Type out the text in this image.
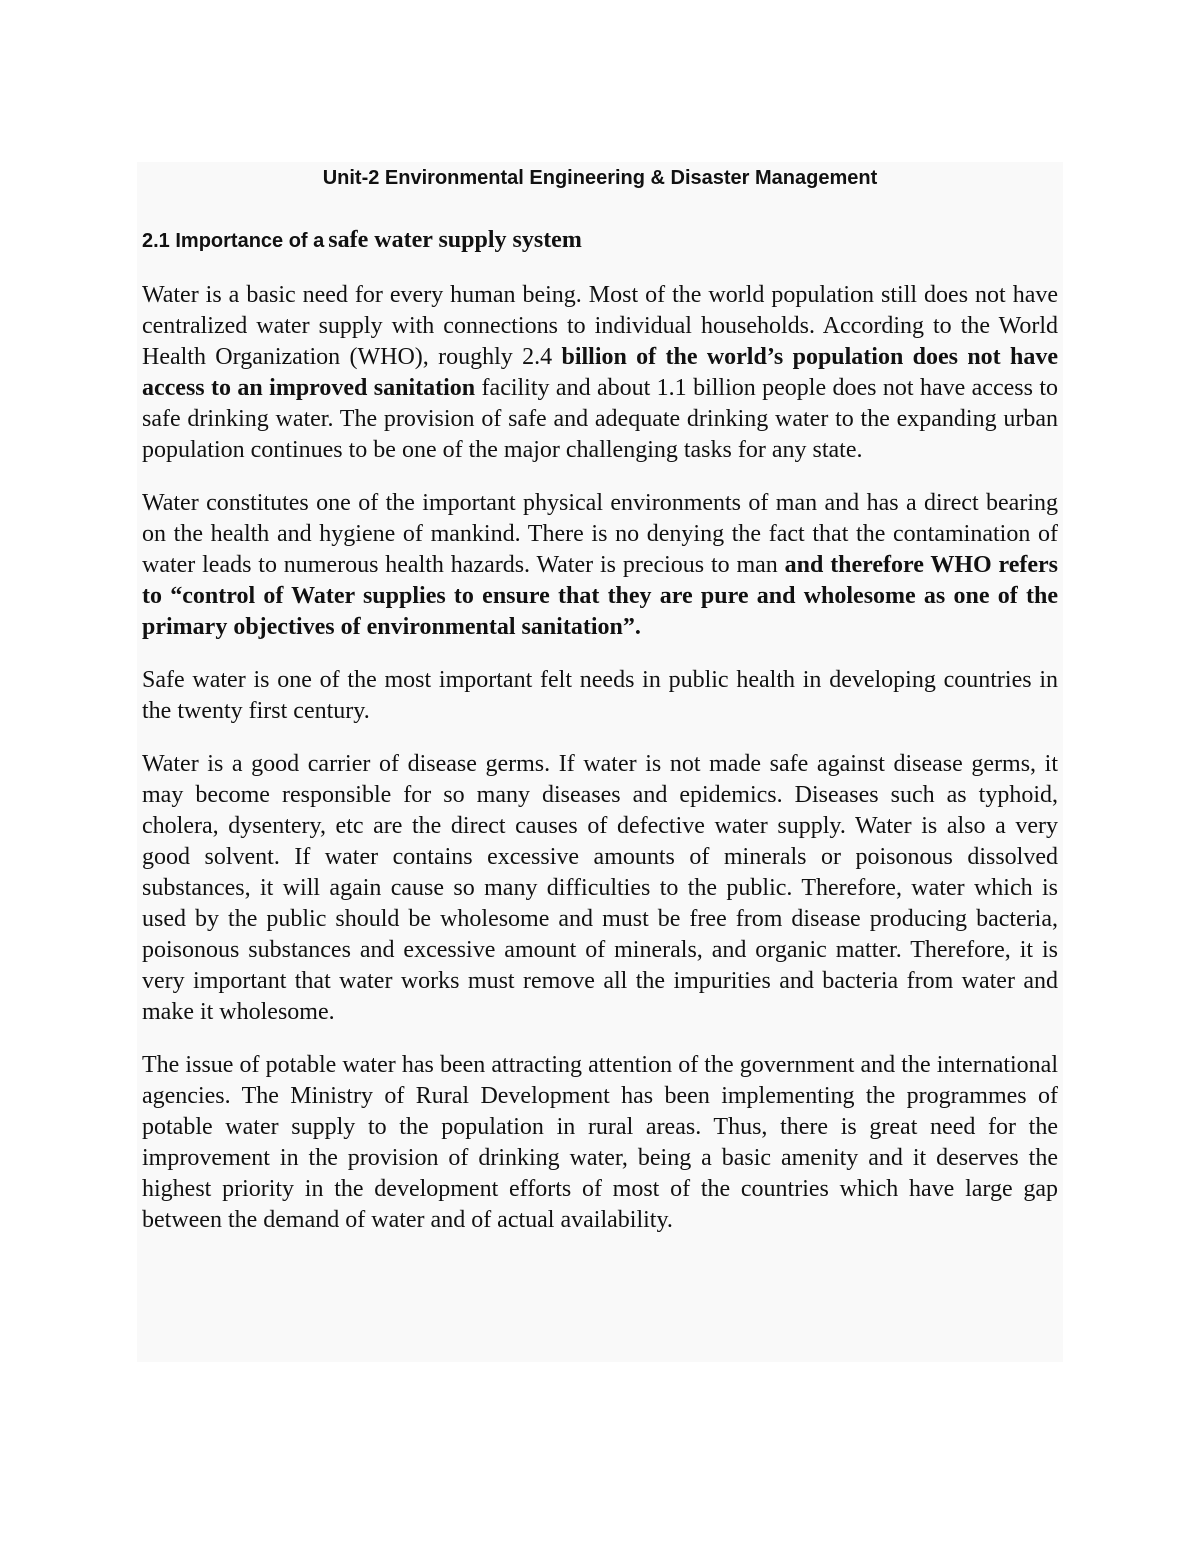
Unit-2 Environmental Engineering & Disaster Management
2.1 Importance of a safe water supply system

Water is a basic need for every human being. Most of the world population still does not have centralized water supply with connections to individual households. According to the World Health Organization (WHO), roughly 2.4 billion of the world’s population does not have access to an improved sanitation facility and about 1.1 billion people does not have access to safe drinking water. The provision of safe and adequate drinking water to the expanding urban population continues to be one of the major challenging tasks for any state.

Water constitutes one of the important physical environments of man and has a direct bearing on the health and hygiene of mankind. There is no denying the fact that the contamination of water leads to numerous health hazards. Water is precious to man and therefore WHO refers to “control of Water supplies to ensure that they are pure and wholesome as one of the primary objectives of environmental sanitation”.

Safe water is one of the most important felt needs in public health in developing countries in the twenty first century.

Water is a good carrier of disease germs. If water is not made safe against disease germs, it may become responsible for so many diseases and epidemics. Diseases such as typhoid, cholera, dysentery, etc are the direct causes of defective water supply. Water is also a very good solvent. If water contains excessive amounts of minerals or poisonous dissolved substances, it will again cause so many difficulties to the public. Therefore, water which is used by the public should be wholesome and must be free from disease producing bacteria, poisonous substances and excessive amount of minerals, and organic matter. Therefore, it is very important that water works must remove all the impurities and bacteria from water and make it wholesome.

The issue of potable water has been attracting attention of the government and the international agencies. The Ministry of Rural Development has been implementing the programmes of potable water supply to the population in rural areas. Thus, there is great need for the improvement in the provision of drinking water, being a basic amenity and it deserves the highest priority in the development efforts of most of the countries which have large gap between the demand of water and of actual availability.
